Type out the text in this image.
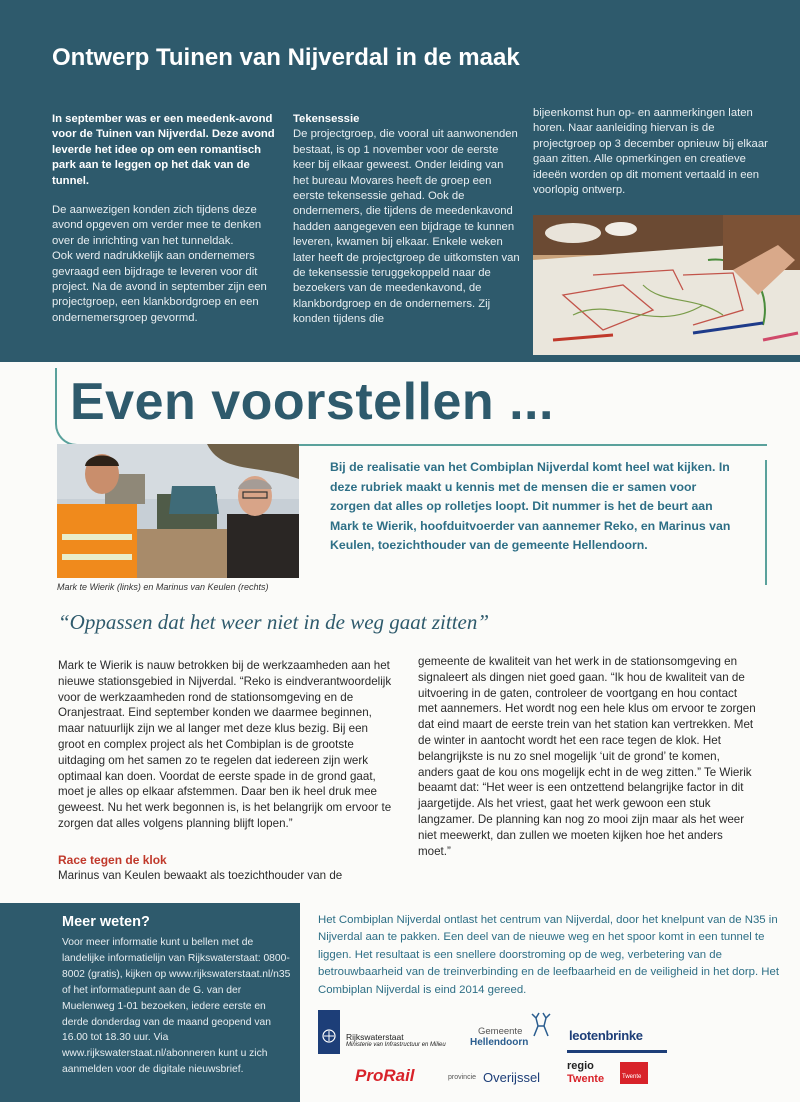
Ontwerp Tuinen van Nijverdal in de maak
In september was er een meedenk-avond voor de Tuinen van Nijverdal. Deze avond leverde het idee op om een romantisch park aan te leggen op het dak van de tunnel.
De aanwezigen konden zich tijdens deze avond opgeven om verder mee te denken over de inrichting van het tunneldak.
Ook werd nadrukkelijk aan ondernemers gevraagd een bijdrage te leveren voor dit project. Na de avond in september zijn een projectgroep, een klankbordgroep en een ondernemersgroep gevormd.
Tekensessie
De projectgroep, die vooral uit aanwonenden bestaat, is op 1 november voor de eerste keer bij elkaar geweest. Onder leiding van het bureau Movares heeft de groep een eerste tekensessie gehad. Ook de ondernemers, die tijdens de meedenkavond hadden aangegeven een bijdrage te kunnen leveren, kwamen bij elkaar. Enkele weken later heeft de projectgroep de uitkomsten van de tekensessie teruggekoppeld naar de bezoekers van de meedenkavond, de klankbordgroep en de ondernemers. Zij konden tijdens die
bijeenkomst hun op- en aanmerkingen laten horen. Naar aanleiding hiervan is de projectgroep op 3 december opnieuw bij elkaar gaan zitten. Alle opmerkingen en creatieve ideeën worden op dit moment vertaald in een voorlopig ontwerp.
Even voorstellen ...
Mark te Wierik (links) en Marinus van Keulen (rechts)
Bij de realisatie van het Combiplan Nijverdal komt heel wat kijken. In deze rubriek maakt u kennis met de mensen die er samen voor zorgen dat alles op rolletjes loopt. Dit nummer is het de beurt aan Mark te Wierik, hoofduitvoerder van aannemer Reko, en Marinus van Keulen, toezichthouder van de gemeente Hellendoorn.
“Oppassen dat het weer niet in de weg gaat zitten”
Mark te Wierik is nauw betrokken bij de werkzaamheden aan het nieuwe stationsgebied in Nijverdal. “Reko is eindverantwoordelijk voor de werkzaamheden rond de stationsomgeving en de Oranjestraat. Eind september konden we daarmee beginnen, maar natuurlijk zijn we al langer met deze klus bezig. Bij een groot en complex project als het Combiplan is de grootste uitdaging om het samen zo te regelen dat iedereen zijn werk optimaal kan doen. Voordat de eerste spade in de grond gaat, moet je alles op elkaar afstemmen. Daar ben ik heel druk mee geweest. Nu het werk begonnen is, is het belangrijk om ervoor te zorgen dat alles volgens planning blijft lopen.”
Race tegen de klok
Marinus van Keulen bewaakt als toezichthouder van de
gemeente de kwaliteit van het werk in de stationsomgeving en signaleert als dingen niet goed gaan. “Ik hou de kwaliteit van de uitvoering in de gaten, controleer de voortgang en hou contact met aannemers. Het wordt nog een hele klus om ervoor te zorgen dat eind maart de eerste trein van het station kan vertrekken. Met de winter in aantocht wordt het een race tegen de klok. Het belangrijkste is nu zo snel mogelijk ‘uit de grond’ te komen, anders gaat de kou ons mogelijk echt in de weg zitten.” Te Wierik beaamt dat: “Het weer is een ontzettend belangrijke factor in dit jaargetijde. Als het vriest, gaat het werk gewoon een stuk langzamer. De planning kan nog zo mooi zijn maar als het weer niet meewerkt, dan zullen we moeten kijken hoe het anders moet.”
Meer weten?
Voor meer informatie kunt u bellen met de landelijke informatielijn van Rijkswaterstaat: 0800-8002 (gratis), kijken op www.rijkswaterstaat.nl/n35 of het informatiepunt aan de G. van der Muelenweg 1-01 bezoeken, iedere eerste en derde donderdag van de maand geopend van 16.00 tot 18.30 uur. Via www.rijkswaterstaat.nl/abonneren kunt u zich aanmelden voor de digitale nieuwsbrief.
Het Combiplan Nijverdal ontlast het centrum van Nijverdal, door het knelpunt van de N35 in Nijverdal aan te pakken. Een deel van de nieuwe weg en het spoor komt in een tunnel te liggen. Het resultaat is een snellere doorstroming op de weg, verbetering van de betrouwbaarheid van de treinverbinding en de leefbaarheid en de veiligheid in het dorp. Het Combiplan Nijverdal is eind 2014 gereed.
Rijkswaterstaat
Ministerie van Infrastructuur en Milieu
Gemeente
Hellendoorn	leotenbrinke
ProRail	provincie Overijssel
regio
Twente	Twente
